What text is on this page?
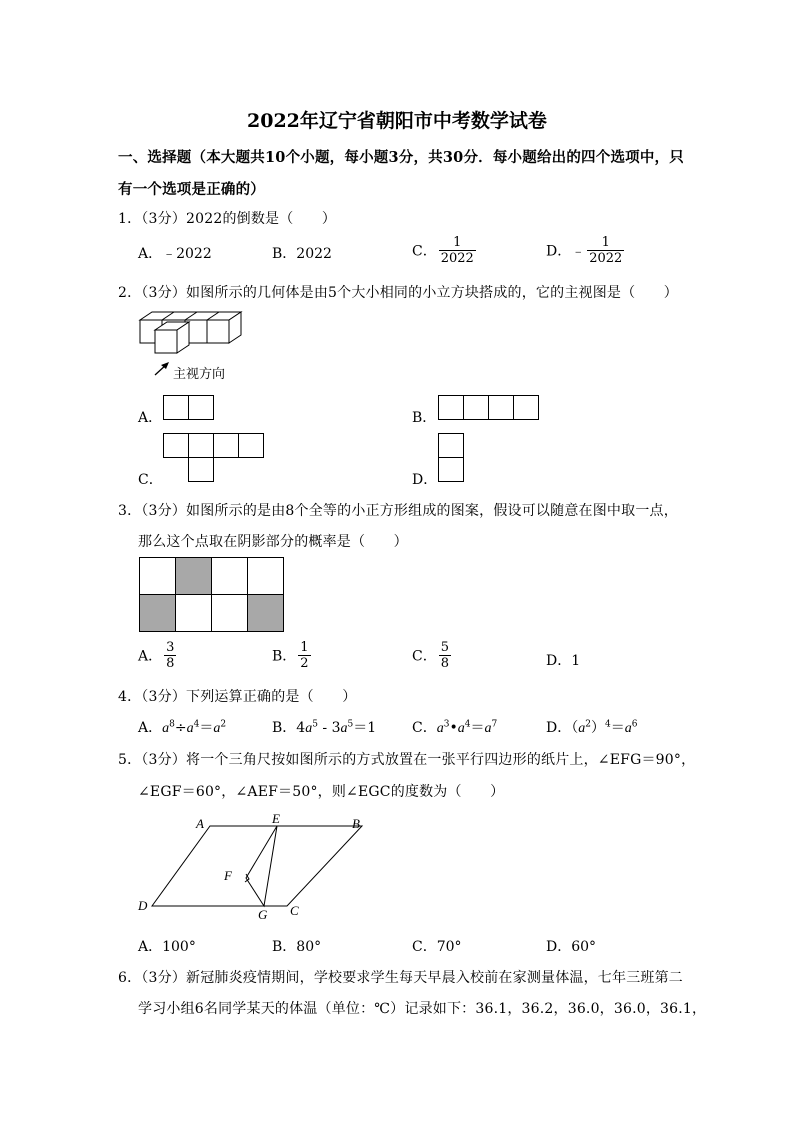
2022年辽宁省朝阳市中考数学试卷
一、选择题（本大题共10个小题，每小题3分，共30分．每小题给出的四个选项中，只
有一个选项是正确的）
1．（3分）2022的倒数是（　　）
A．﹣2022	B．2022	C． $\frac{1}{2022}$	D．﹣ $\frac{1}{2022}$
2．（3分）如图所示的几何体是由5个大小相同的小立方块搭成的，它的主视图是（　　）
主视方向
A．	B．
C．	D．
3．（3分）如图所示的是由8个全等的小正方形组成的图案，假设可以随意在图中取一点，
那么这个点取在阴影部分的概率是（　　）
A． $\frac{3}{8}$	B． $\frac{1}{2}$	C． $\frac{5}{8}$	D．1
4．（3分）下列运算正确的是（　　）
A．$a^8\div a^4=a^2$	B．$4a^5 - 3a^5=1$	C．$a^3•a^4=a^7$	D．$(a^2)^4=a^6$
5．（3分）将一个三角尺按如图所示的方式放置在一张平行四边形的纸片上，∠EFG＝90°，
∠EGF＝60°，∠AEF＝50°，则∠EGC的度数为（　　）
A	E	B
F
D
G C
A．100°	B．80°	C．70°	D．60°
6．（3分）新冠肺炎疫情期间，学校要求学生每天早晨入校前在家测量体温，七年三班第二
学习小组6名同学某天的体温（单位：℃）记录如下：36.1，36.2，36.0，36.0，36.1，
